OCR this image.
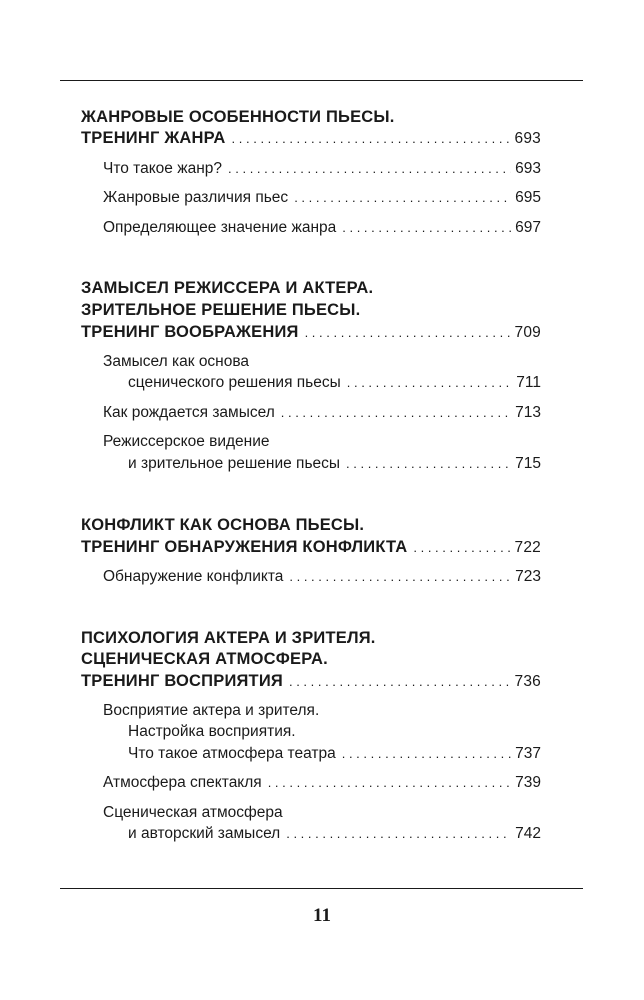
ЖАНРОВЫЕ ОСОБЕННОСТИ ПЬЕСЫ.
ТРЕНИНГ ЖАНРА . . .	693
Что такое жанр? . . .	693
Жанровые различия пьес . . .	695
Определяющее значение жанра . . .	697
ЗАМЫСЕЛ РЕЖИССЕРА И АКТЕРА.
ЗРИТЕЛЬНОЕ РЕШЕНИЕ ПЬЕСЫ.
ТРЕНИНГ ВООБРАЖЕНИЯ . . .	709
Замысел как основа
сценического решения пьесы . . .	711
Как рождается замысел . . .	713
Режиссерское видение
и зрительное решение пьесы . . .	715
КОНФЛИКТ КАК ОСНОВА ПЬЕСЫ.
ТРЕНИНГ ОБНАРУЖЕНИЯ КОНФЛИКТА . . .	722
Обнаружение конфликта . . .	723
ПСИХОЛОГИЯ АКТЕРА И ЗРИТЕЛЯ.
СЦЕНИЧЕСКАЯ АТМОСФЕРА.
ТРЕНИНГ ВОСПРИЯТИЯ . . .	736
Восприятие актера и зрителя.
Настройка восприятия.
Что такое атмосфера театра . . .	737
Атмосфера спектакля . . .	739
Сценическая атмосфера
и авторский замысел . . .	742
11
